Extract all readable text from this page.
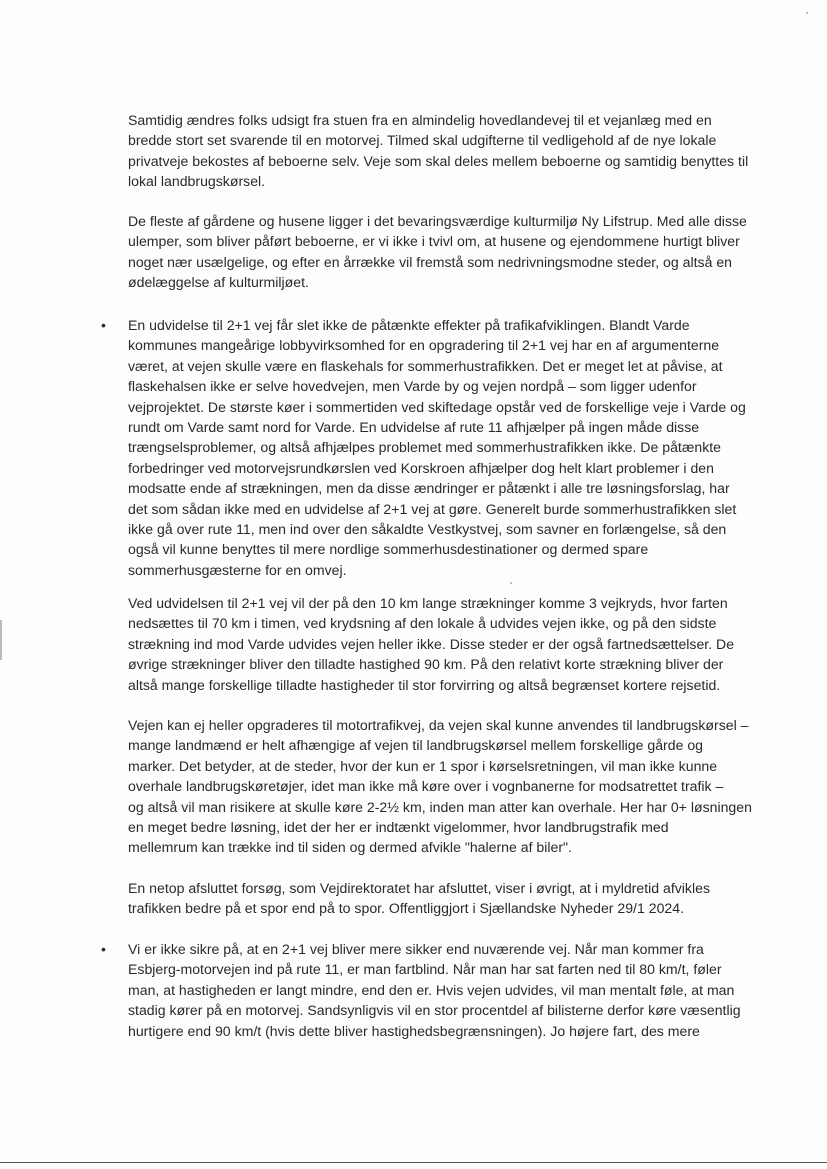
Samtidig ændres folks udsigt fra stuen fra en almindelig hovedlandevej til et vejanlæg med en
bredde stort set svarende til en motorvej. Tilmed skal udgifterne til vedligehold af de nye lokale
privatveje bekostes af beboerne selv. Veje som skal deles mellem beboerne og samtidig benyttes til
lokal landbrugskørsel.
De fleste af gårdene og husene ligger i det bevaringsværdige kulturmiljø Ny Lifstrup. Med alle disse
ulemper, som bliver påført beboerne, er vi ikke i tvivl om, at husene og ejendommene hurtigt bliver
noget nær usælgelige, og efter en årrække vil fremstå som nedrivningsmodne steder, og altså en
ødelæggelse af kulturmiljøet.
• En udvidelse til 2+1 vej får slet ikke de påtænkte effekter på trafikafviklingen. Blandt Varde
kommunes mangeårige lobbyvirksomhed for en opgradering til 2+1 vej har en af argumenterne
været, at vejen skulle være en flaskehals for sommerhustrafikken. Det er meget let at påvise, at
flaskehalsen ikke er selve hovedvejen, men Varde by og vejen nordpå – som ligger udenfor
vejprojektet. De største køer i sommertiden ved skiftedage opstår ved de forskellige veje i Varde og
rundt om Varde samt nord for Varde. En udvidelse af rute 11 afhjælper på ingen måde disse
trængselsproblemer, og altså afhjælpes problemet med sommerhustrafikken ikke. De påtænkte
forbedringer ved motorvejsrundkørslen ved Korskroen afhjælper dog helt klart problemer i den
modsatte ende af strækningen, men da disse ændringer er påtænkt i alle tre løsningsforslag, har
det som sådan ikke med en udvidelse af 2+1 vej at gøre. Generelt burde sommerhustrafikken slet
ikke gå over rute 11, men ind over den såkaldte Vestkystvej, som savner en forlængelse, så den
også vil kunne benyttes til mere nordlige sommerhusdestinationer og dermed spare
sommerhusgæsterne for en omvej.
Ved udvidelsen til 2+1 vej vil der på den 10 km lange strækninger komme 3 vejkryds, hvor farten
nedsættes til 70 km i timen, ved krydsning af den lokale å udvides vejen ikke, og på den sidste
strækning ind mod Varde udvides vejen heller ikke. Disse steder er der også fartnedsættelser. De
øvrige strækninger bliver den tilladte hastighed 90 km. På den relativt korte strækning bliver der
altså mange forskellige tilladte hastigheder til stor forvirring og altså begrænset kortere rejsetid.
Vejen kan ej heller opgraderes til motortrafikvej, da vejen skal kunne anvendes til landbrugskørsel –
mange landmænd er helt afhængige af vejen til landbrugskørsel mellem forskellige gårde og
marker. Det betyder, at de steder, hvor der kun er 1 spor i kørselsretningen, vil man ikke kunne
overhale landbrugskøretøjer, idet man ikke må køre over i vognbanerne for modsatrettet trafik –
og altså vil man risikere at skulle køre 2-2½ km, inden man atter kan overhale. Her har 0+ løsningen
en meget bedre løsning, idet der her er indtænkt vigelommer, hvor landbrugstrafik med
mellemrum kan trække ind til siden og dermed afvikle "halerne af biler".
En netop afsluttet forsøg, som Vejdirektoratet har afsluttet, viser i øvrigt, at i myldretid afvikles
trafikken bedre på et spor end på to spor. Offentliggjort i Sjællandske Nyheder 29/1 2024.
• Vi er ikke sikre på, at en 2+1 vej bliver mere sikker end nuværende vej. Når man kommer fra
Esbjerg-motorvejen ind på rute 11, er man fartblind. Når man har sat farten ned til 80 km/t, føler
man, at hastigheden er langt mindre, end den er. Hvis vejen udvides, vil man mentalt føle, at man
stadig kører på en motorvej. Sandsynligvis vil en stor procentdel af bilisterne derfor køre væsentlig
hurtigere end 90 km/t (hvis dette bliver hastighedsbegrænsningen). Jo højere fart, des mere
